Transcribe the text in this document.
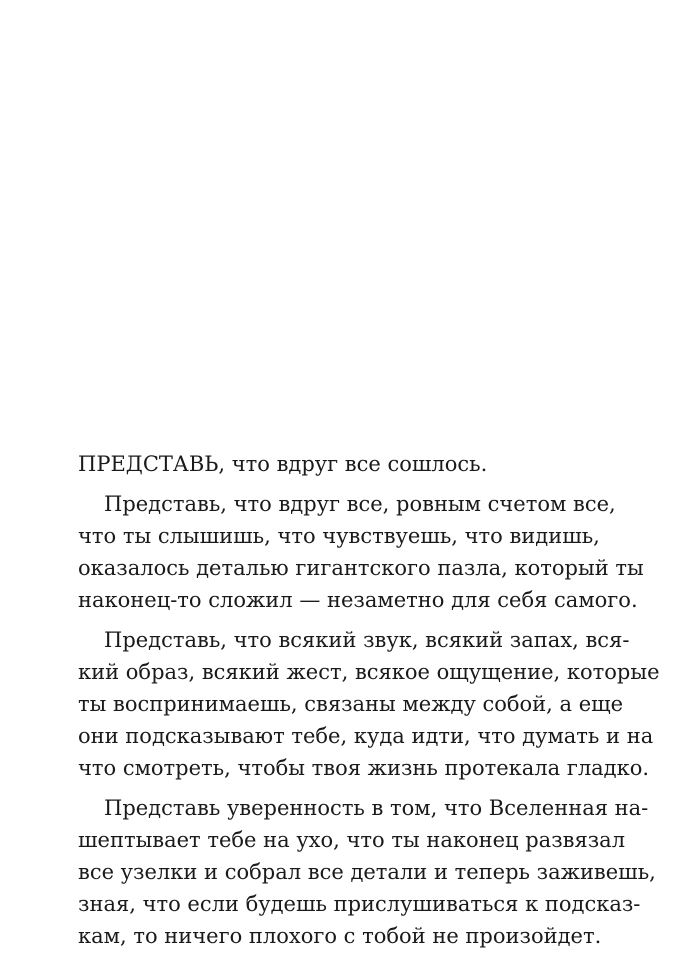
ПРЕДСТАВЬ, что вдруг все сошлось.

Представь, что вдруг все, ровным счетом все,
что ты слышишь, что чувствуешь, что видишь,
оказалось деталью гигантского пазла, который ты
наконец-то сложил — незаметно для себя самого.

Представь, что всякий звук, всякий запах, вся-
кий образ, всякий жест, всякое ощущение, которые
ты воспринимаешь, связаны между собой, а еще
они подсказывают тебе, куда идти, что думать и на
что смотреть, чтобы твоя жизнь протекала гладко.

Представь уверенность в том, что Вселенная на-
шептывает тебе на ухо, что ты наконец развязал
все узелки и собрал все детали и теперь заживешь,
зная, что если будешь прислушиваться к подсказ-
кам, то ничего плохого с тобой не произойдет.
